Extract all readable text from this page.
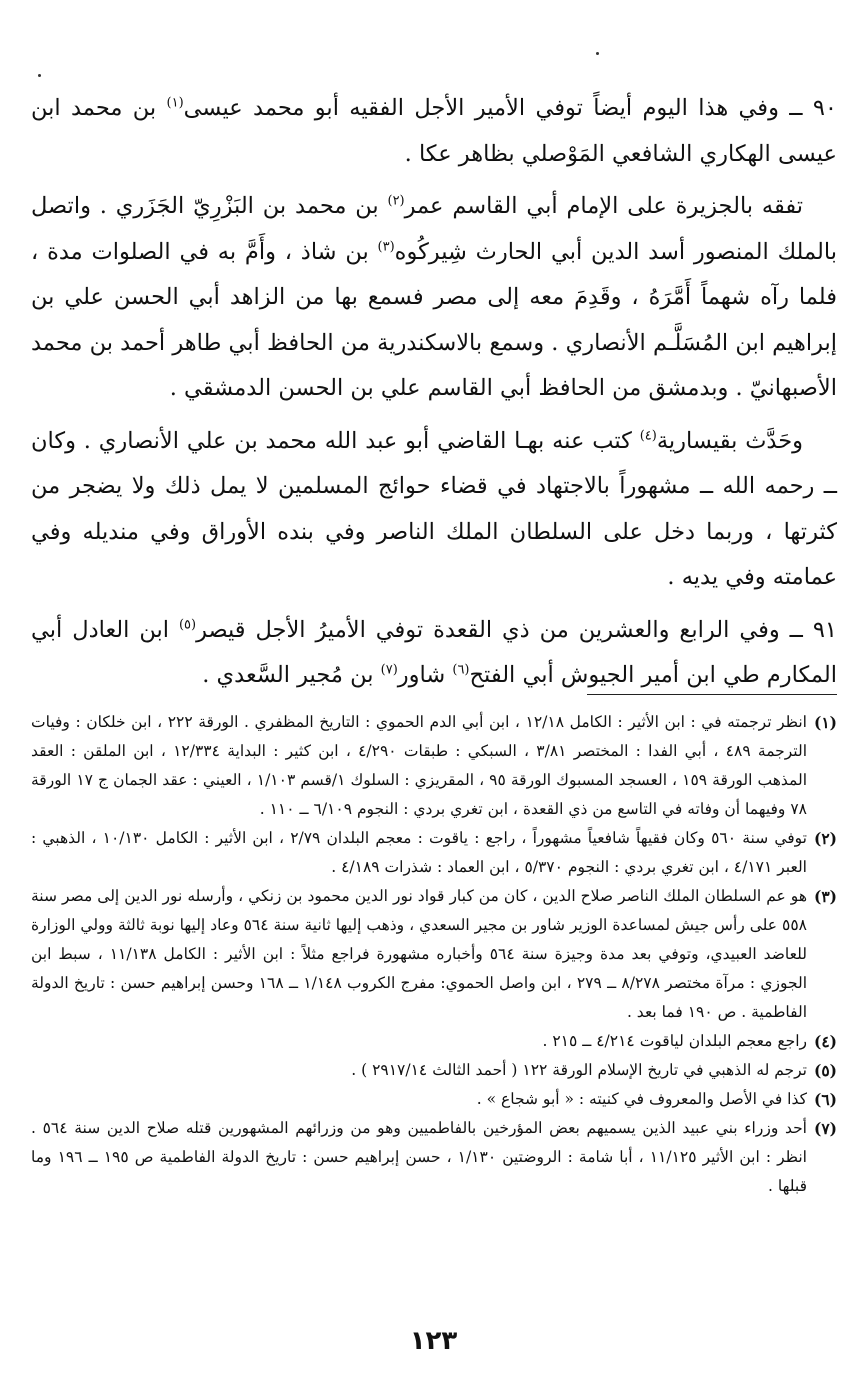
٩٠ ــ وفي هذا اليوم أيضاً توفي الأمير الأجل الفقيه أبو محمد عيسى$^{(١)}$ بن محمد ابن عيسى الهكاري الشافعي المَوْصلي بظاهر عكا .

تفقه بالجزيرة على الإمام أبي القاسم عمر$^{(٢)}$ بن محمد بن البَزْرِيّ الجَزَري . واتصل بالملك المنصور أسد الدين أبي الحارث شِيركُوه$^{(٣)}$ بن شاذ ، وأَمَّ به في الصلوات مدة ، فلما رآه شهماً أَمَّرَهُ ، وقَدِمَ معه إلى مصر فسمع بها من الزاهد أبي الحسن علي بن إبراهيم ابن المُسَلَّـم الأنصاري . وسمع بالاسكندرية من الحافظ أبي طاهر أحمد بن محمد الأصبهانيّ . وبدمشق من الحافظ أبي القاسم علي بن الحسن الدمشقي .

وحَدَّث بقيسارية$^{(٤)}$ كتب عنه بهـا القاضي أبو عبد الله محمد بن علي الأنصاري . وكان ــ رحمه الله ــ مشهوراً بالاجتهاد في قضاء حوائج المسلمين لا يمل ذلك ولا يضجر من كثرتها ، وربما دخل على السلطان الملك الناصر وفي بنده الأوراق وفي منديله وفي عمامته وفي يديه .

٩١ ــ وفي الرابع والعشرين من ذي القعدة توفي الأميرُ الأجل قيصر$^{(٥)}$ ابن العادل أبي المكارم طي ابن أمير الجيوش أبي الفتح$^{(٦)}$ شاور$^{(٧)}$ بن مُجير السَّعدي .

(١)
انظر ترجمته في : ابن الأثير : الكامل ١٢/١٨ ، ابن أبي الدم الحموي : التاريخ المظفري . الورقة ٢٢٢ ، ابن خلكان : وفيات الترجمة ٤٨٩ ، أبي الفدا : المختصر ٣/٨١ ، السبكي : طبقات ٤/٢٩٠ ، ابن كثير : البداية ١٢/٣٣٤ ، ابن الملقن : العقد المذهب الورقة ١٥٩ ، العسجد المسبوك الورقة ٩٥ ، المقريزي : السلوك ١/قسم ١/١٠٣ ، العيني : عقد الجمان ج ١٧ الورقة ٧٨ وفيهما أن وفاته في التاسع من ذي القعدة ، ابن تغري بردي : النجوم ٦/١٠٩ ــ ١١٠ .
(٢)
توفي سنة ٥٦٠ وكان فقيهاً شافعياً مشهوراً ، راجع : ياقوت : معجم البلدان ٢/٧٩ ، ابن الأثير : الكامل ١٠/١٣٠ ، الذهبي : العبر ٤/١٧١ ، ابن تغري بردي : النجوم ٥/٣٧٠ ، ابن العماد : شذرات ٤/١٨٩ .
(٣)
هو عم السلطان الملك الناصر صلاح الدين ، كان من كبار قواد نور الدين محمود بن زنكي ، وأرسله نور الدين إلى مصر سنة ٥٥٨ على رأس جيش لمساعدة الوزير شاور بن مجير السعدي ، وذهب إليها ثانية سنة ٥٦٤ وعاد إليها نوبة ثالثة وولي الوزارة للعاضد العبيدي، وتوفي بعد مدة وجيزة سنة ٥٦٤ وأخباره مشهورة فراجع مثلاً : ابن الأثير : الكامل ١١/١٣٨ ، سبط ابن الجوزي : مرآة مختصر ٨/٢٧٨ ــ ٢٧٩ ، ابن واصل الحموي: مفرج الكروب ١/١٤٨ ــ ١٦٨ وحسن إبراهيم حسن : تاريخ الدولة الفاطمية . ص ١٩٠ فما بعد .
(٤)
راجع معجم البلدان لياقوت ٤/٢١٤ ــ ٢١٥ .
(٥)
ترجم له الذهبي في تاريخ الإسلام الورقة ١٢٢ ( أحمد الثالث ٢٩١٧/١٤ ) .
(٦)
كذا في الأصل والمعروف في كنيته : « أبو شجاع » .
(٧)
أحد وزراء بني عبيد الذين يسميهم بعض المؤرخين بالفاطميين وهو من وزرائهم المشهورين قتله صلاح الدين سنة ٥٦٤ . انظر : ابن الأثير ١١/١٢٥ ، أبا شامة : الروضتين ١/١٣٠ ، حسن إبراهيم حسن : تاريخ الدولة الفاطمية ص ١٩٥ ــ ١٩٦ وما قبلها .
١٢٣
